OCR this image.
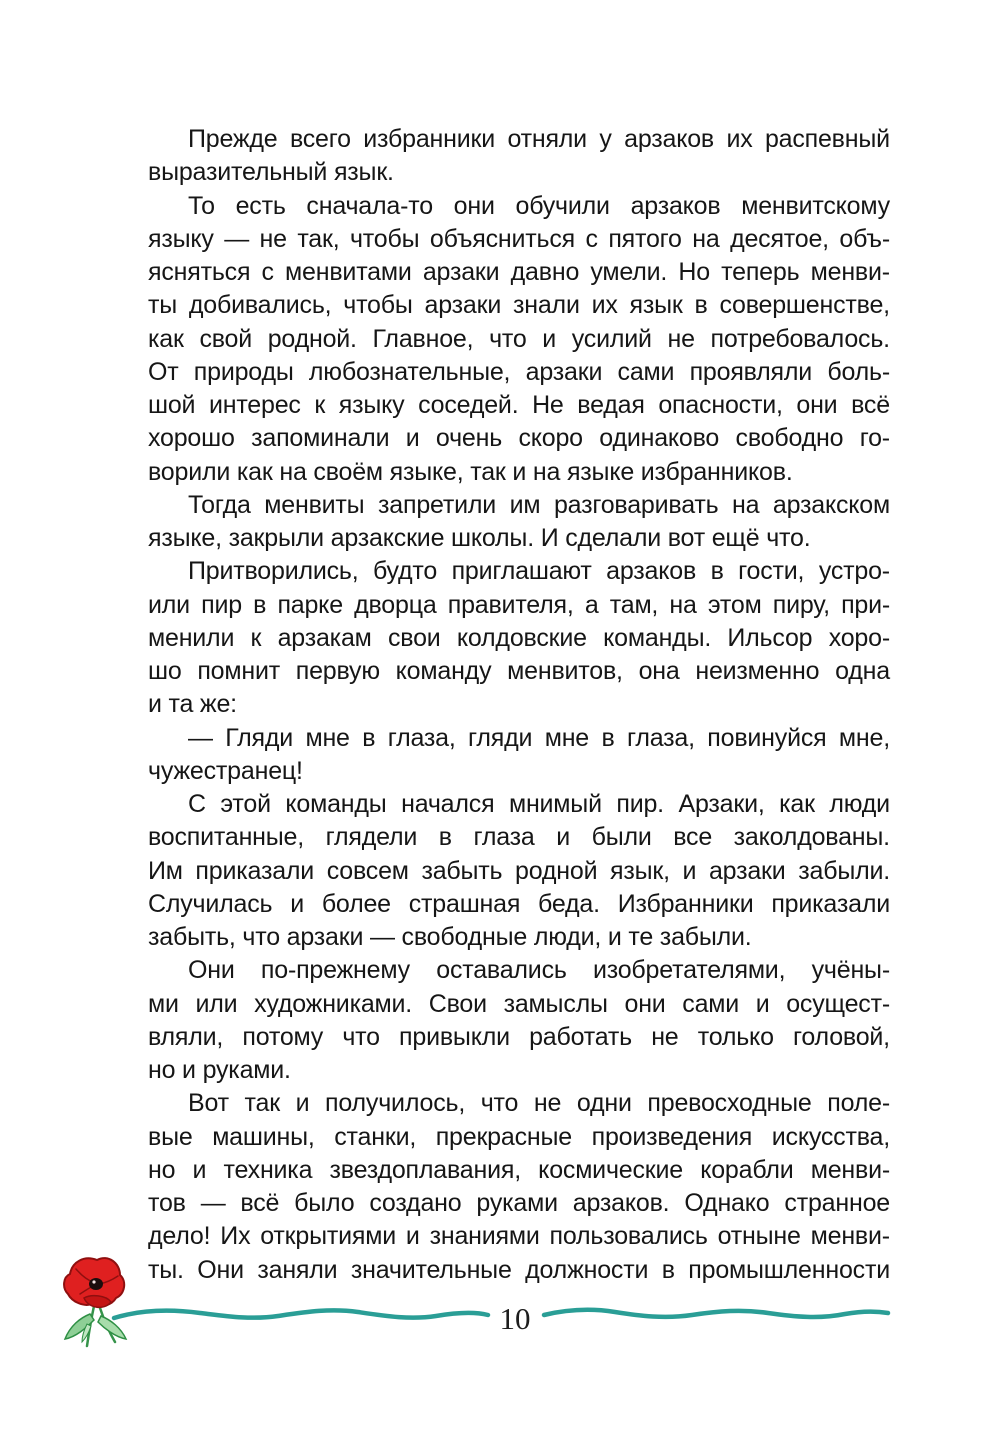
Прежде всего избранники отняли у арзаков их распевный
выразительный язык.
То есть сначала-то они обучили арзаков менвитскому
языку — не так, чтобы объясниться с пятого на десятое, объ-
ясняться с менвитами арзаки давно умели. Но теперь менви-
ты добивались, чтобы арзаки знали их язык в совершенстве,
как свой родной. Главное, что и усилий не потребовалось.
От природы любознательные, арзаки сами проявляли боль-
шой интерес к языку соседей. Не ведая опасности, они всё
хорошо запоминали и очень скоро одинаково свободно го-
ворили как на своём языке, так и на языке избранников.
Тогда менвиты запретили им разговаривать на арзакском
языке, закрыли арзакские школы. И сделали вот ещё что.
Притворились, будто приглашают арзаков в гости, устро-
или пир в парке дворца правителя, а там, на этом пиру, при-
менили к арзакам свои колдовские команды. Ильсор хоро-
шо помнит первую команду менвитов, она неизменно одна
и та же:
— Гляди мне в глаза, гляди мне в глаза, повинуйся мне,
чужестранец!
С этой команды начался мнимый пир. Арзаки, как люди
воспитанные, глядели в глаза и были все заколдованы.
Им приказали совсем забыть родной язык, и арзаки забыли.
Случилась и более страшная беда. Избранники приказали
забыть, что арзаки — свободные люди, и те забыли.
Они по-прежнему оставались изобретателями, учёны-
ми или художниками. Свои замыслы они сами и осущест-
вляли, потому что привыкли работать не только головой,
но и руками.
Вот так и получилось, что не одни превосходные поле-
вые машины, станки, прекрасные произведения искусства,
но и техника звездоплавания, космические корабли менви-
тов — всё было создано руками арзаков. Однако странное
дело! Их открытиями и знаниями пользовались отныне менви-
ты. Они заняли значительные должности в промышленности
10
